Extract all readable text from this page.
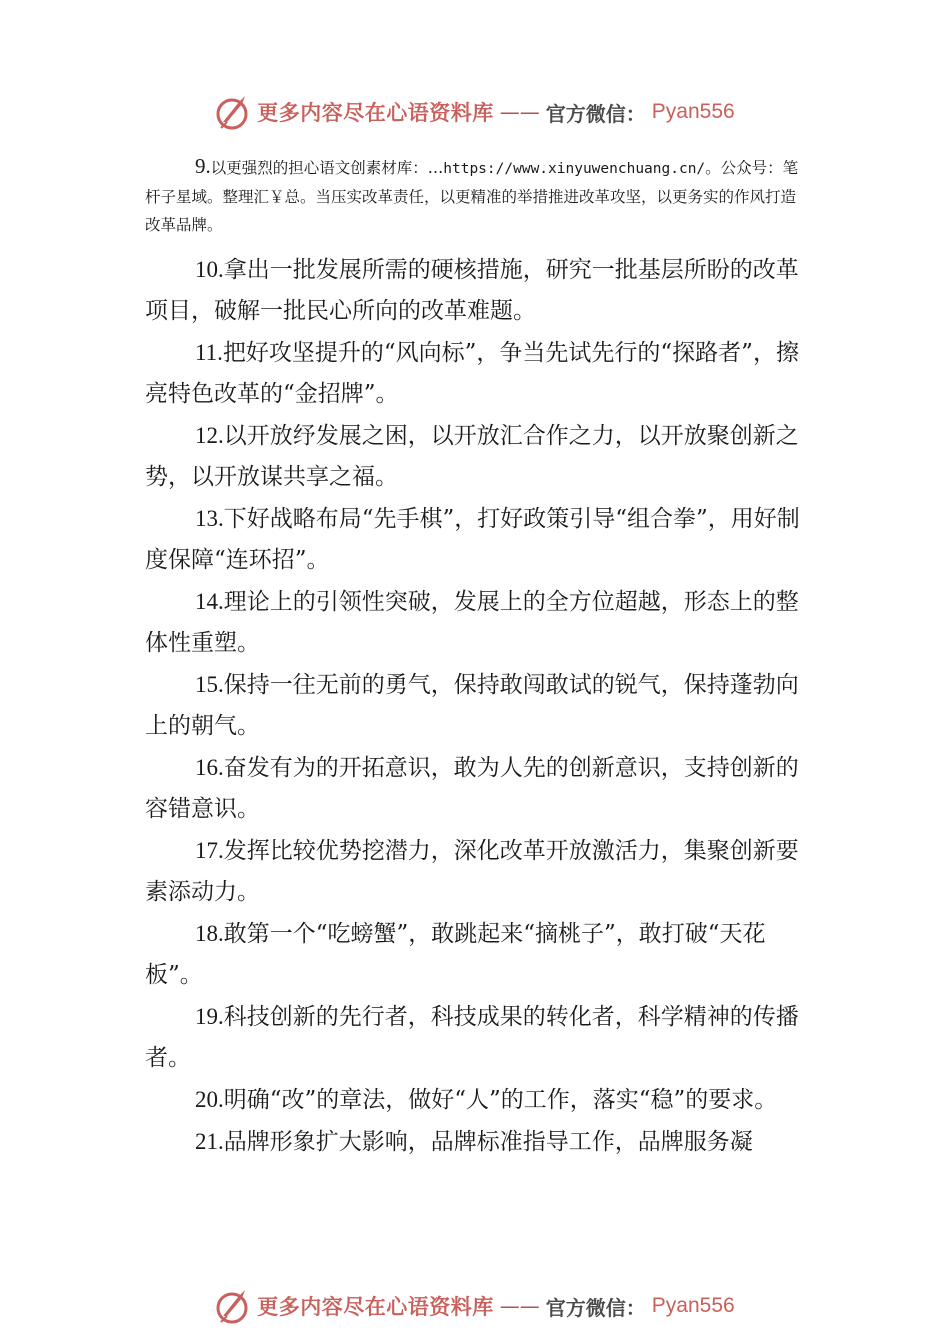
更多内容尽在心语资料库 —— 官方微信： Pyan556

9.以更强烈的担心语文创素材库：…https://www.xinyuwenchuang.cn/。公众号：笔杆子星域。整理汇￥总。当压实改革责任，以更精准的举措推进改革攻坚，以更务实的作风打造改革品牌。

10.拿出一批发展所需的硬核措施，研究一批基层所盼的改革项目，破解一批民心所向的改革难题。

11.把好攻坚提升的“风向标”，争当先试先行的“探路者”，擦亮特色改革的“金招牌”。

12.以开放纾发展之困，以开放汇合作之力，以开放聚创新之势，以开放谋共享之福。

13.下好战略布局“先手棋”，打好政策引导“组合拳”，用好制度保障“连环招”。

14.理论上的引领性突破，发展上的全方位超越，形态上的整体性重塑。

15.保持一往无前的勇气，保持敢闯敢试的锐气，保持蓬勃向上的朝气。

16.奋发有为的开拓意识，敢为人先的创新意识，支持创新的容错意识。

17.发挥比较优势挖潜力，深化改革开放激活力，集聚创新要素添动力。

18.敢第一个“吃螃蟹”，敢跳起来“摘桃子”，敢打破“天花板”。

19.科技创新的先行者，科技成果的转化者，科学精神的传播者。

20.明确“改”的章法，做好“人”的工作，落实“稳”的要求。

21.品牌形象扩大影响，品牌标准指导工作，品牌服务凝

更多内容尽在心语资料库 —— 官方微信： Pyan556
